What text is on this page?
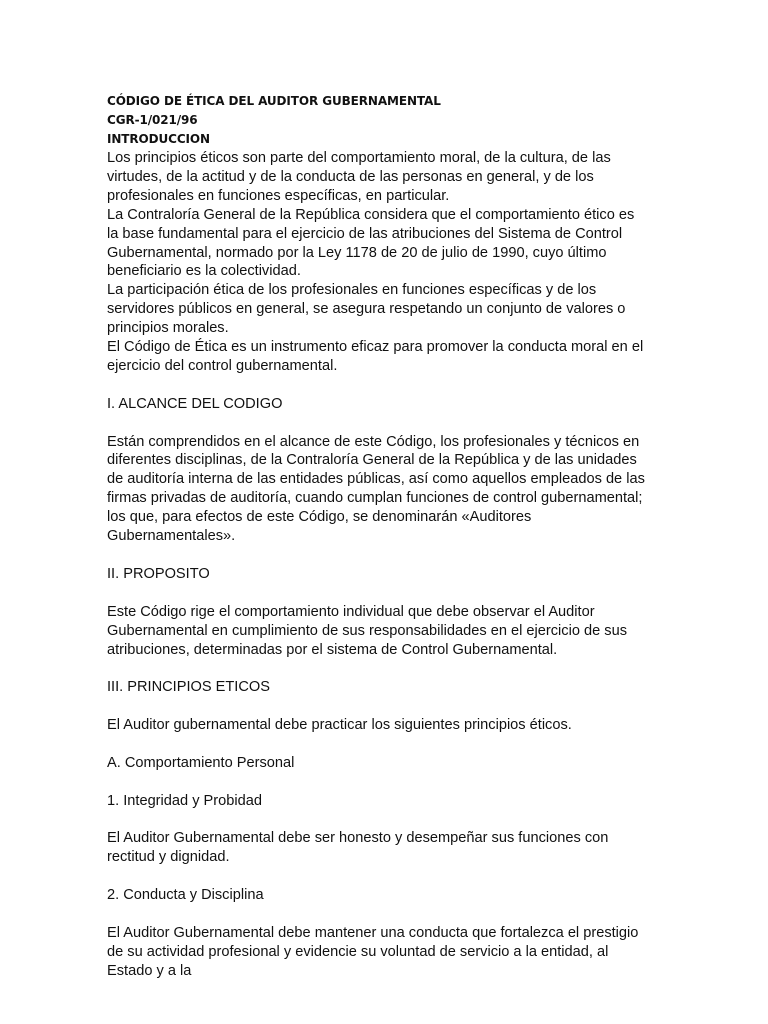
CÓDIGO DE ÉTICA DEL AUDITOR GUBERNAMENTAL

CGR-1/021/96

INTRODUCCION

Los principios éticos son parte del comportamiento moral, de la cultura, de las virtudes, de la actitud y de la conducta de las personas en general, y de los profesionales en funciones específicas, en particular.

La Contraloría General de la República considera que el comportamiento ético es la base fundamental para el ejercicio de las atribuciones del Sistema de Control Gubernamental, normado por la Ley 1178 de 20 de julio de 1990, cuyo último beneficiario es la colectividad.

La participación ética de los profesionales en funciones específicas y de los servidores públicos en general, se asegura respetando un conjunto de valores o principios morales.

El Código de Ética es un instrumento eficaz para promover la conducta moral en el ejercicio del control gubernamental.

I. ALCANCE DEL CODIGO

Están comprendidos en el alcance de este Código, los profesionales y técnicos en diferentes disciplinas, de la Contraloría General de la República y de las unidades de auditoría interna de las entidades públicas, así como aquellos empleados de las firmas privadas de auditoría, cuando cumplan funciones de control gubernamental; los que, para efectos de este Código, se denominarán «Auditores Gubernamentales».

II. PROPOSITO

Este Código rige el comportamiento individual que debe observar el Auditor Gubernamental en cumplimiento de sus responsabilidades en el ejercicio de sus atribuciones, determinadas por el sistema de Control Gubernamental.

III. PRINCIPIOS ETICOS

El Auditor gubernamental debe practicar los siguientes principios éticos.

A. Comportamiento Personal

1. Integridad y Probidad

El Auditor Gubernamental debe ser honesto y desempeñar sus funciones con rectitud y dignidad.

2. Conducta y Disciplina

El Auditor Gubernamental debe mantener una conducta que fortalezca el prestigio de su actividad profesional y evidencie su voluntad de servicio a la entidad, al Estado y a la
